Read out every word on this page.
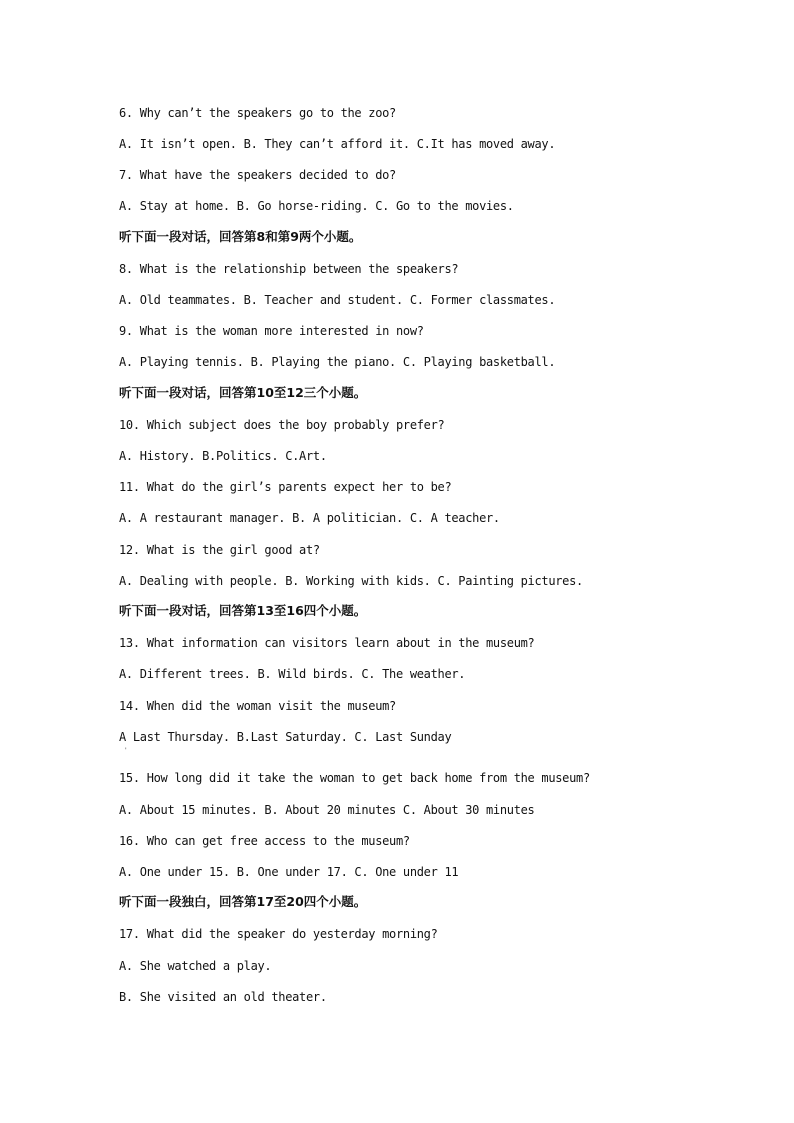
6. Why can’t the speakers go to the zoo?
A. It isn’t open. B. They can’t afford it. C.It has moved away.
7. What have the speakers decided to do?
A. Stay at home. B. Go horse-riding. C. Go to the movies.
听下面一段对话，回答第8和第9两个小题。
8. What is the relationship between the speakers?
A. Old teammates. B. Teacher and student. C. Former classmates.
9. What is the woman more interested in now?
A. Playing tennis. B. Playing the piano. C. Playing basketball.
听下面一段对话，回答第10至12三个小题。
10. Which subject does the boy probably prefer?
A. History. B.Politics. C.Art.
11. What do the girl’s parents expect her to be?
A. A restaurant manager. B. A politician. C. A teacher.
12. What is the girl good at?
A. Dealing with people. B. Working with kids. C. Painting pictures.
听下面一段对话，回答第13至16四个小题。
13. What information can visitors learn about in the museum?
A. Different trees. B. Wild birds. C. The weather.
14. When did the woman visit the museum?
A Last Thursday. B.Last Saturday. C. Last Sunday
'
15. How long did it take the woman to get back home from the museum?
A. About 15 minutes. B. About 20 minutes C. About 30 minutes
16. Who can get free access to the museum?
A. One under 15. B. One under 17. C. One under 11
听下面一段独白，回答第17至20四个小题。
17. What did the speaker do yesterday morning?
A. She watched a play.
B. She visited an old theater.
